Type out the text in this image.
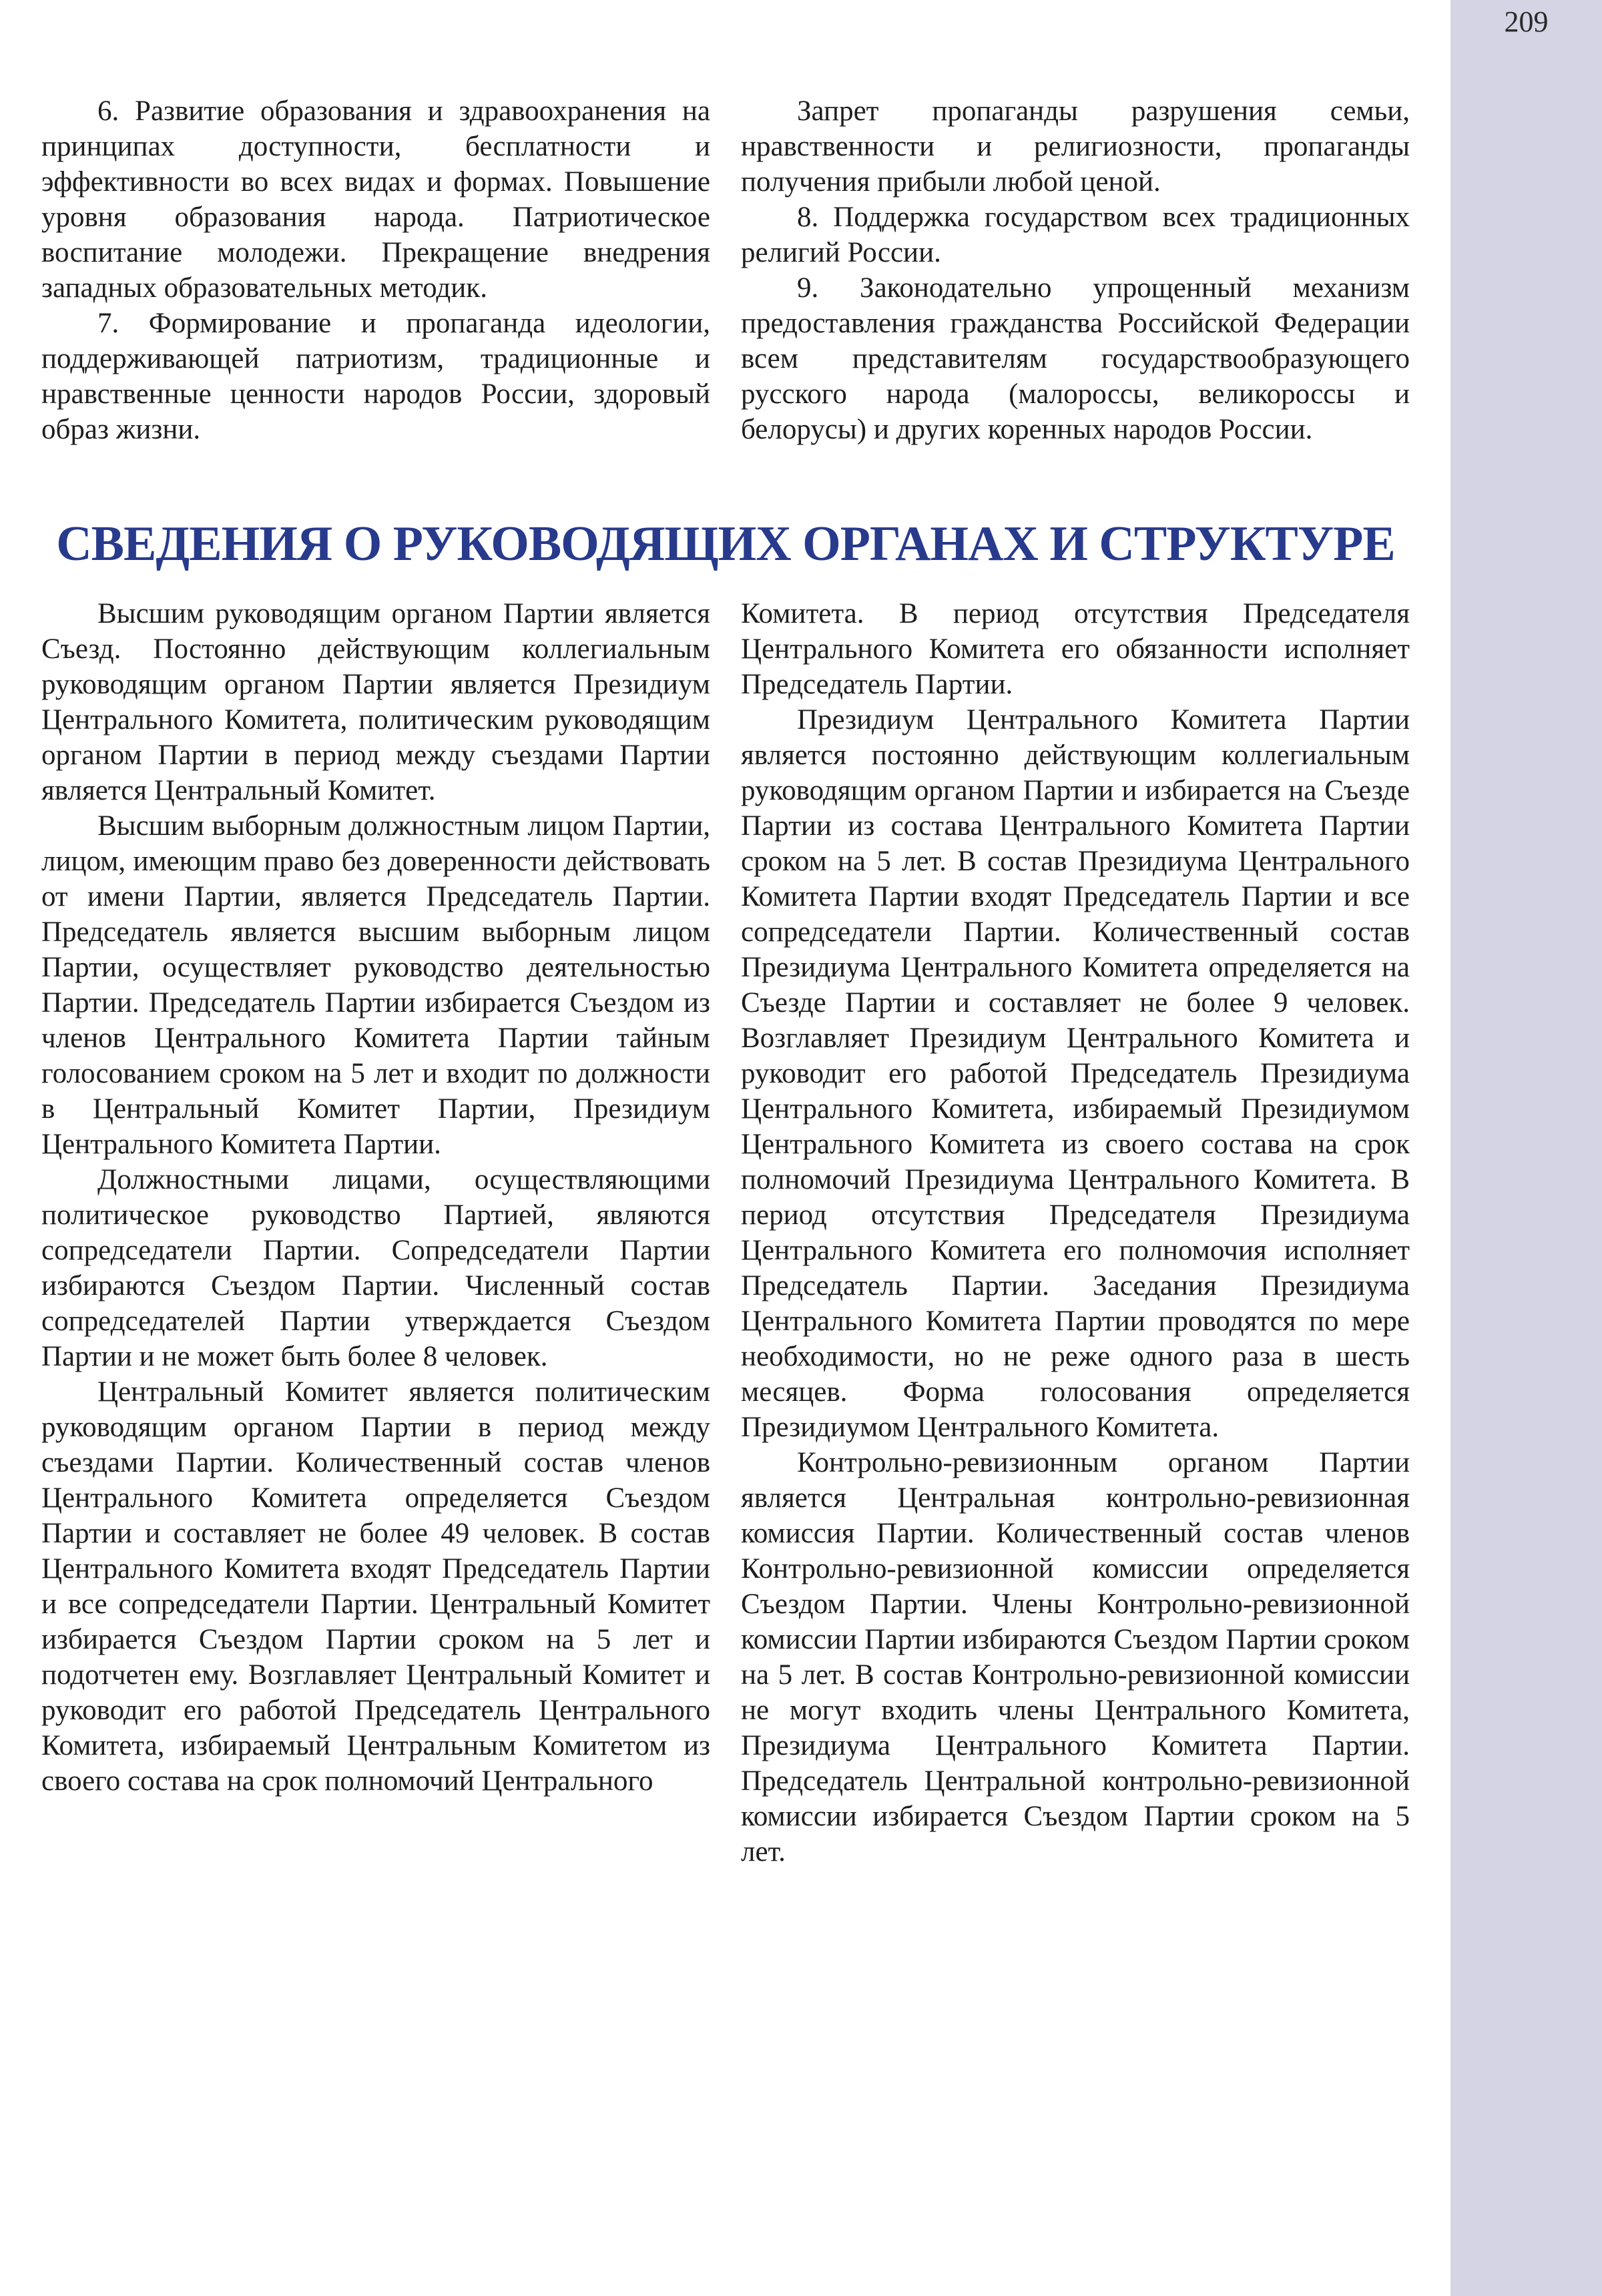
209

6. Развитие образования и здравоохранения на принципах доступности, бесплатности и эффективности во всех видах и формах. Повышение уровня образования народа. Патриотическое воспитание молодежи. Прекращение внедрения западных образовательных методик.

7. Формирование и пропаганда идеологии, поддерживающей патриотизм, традиционные и нравственные ценности народов России, здоровый образ жизни.

Запрет пропаганды разрушения семьи, нравственности и религиозности, пропаганды получения прибыли любой ценой.

8. Поддержка государством всех традиционных религий России.

9. Законодательно упрощенный механизм предоставления гражданства Российской Федерации всем представителям государствообразующего русского народа (малороссы, великороссы и белорусы) и других коренных народов России.

СВЕДЕНИЯ О РУКОВОДЯЩИХ ОРГАНАХ И СТРУКТУРЕ

Высшим руководящим органом Партии является Съезд. Постоянно действующим коллегиальным руководящим органом Партии является Президиум Центрального Комитета, политическим руководящим органом Партии в период между съездами Партии является Центральный Комитет.

Высшим выборным должностным лицом Партии, лицом, имеющим право без доверенности действовать от имени Партии, является Председатель Партии. Председатель является высшим выборным лицом Партии, осуществляет руководство деятельностью Партии. Председатель Партии избирается Съездом из членов Центрального Комитета Партии тайным голосованием сроком на 5 лет и входит по должности в Центральный Комитет Партии, Президиум Центрального Комитета Партии.

Должностными лицами, осуществляющими политическое руководство Партией, являются сопредседатели Партии. Сопредседатели Партии избираются Съездом Партии. Численный состав сопредседателей Партии утверждается Съездом Партии и не может быть более 8 человек.

Центральный Комитет является политическим руководящим органом Партии в период между съездами Партии. Количественный состав членов Центрального Комитета определяется Съездом Партии и составляет не более 49 человек. В состав Центрального Комитета входят Председатель Партии и все сопредседатели Партии. Центральный Комитет избирается Съездом Партии сроком на 5 лет и подотчетен ему. Возглавляет Центральный Комитет и руководит его работой Председатель Центрального Комитета, избираемый Центральным Комитетом из своего состава на срок полномочий Центрального

Комитета. В период отсутствия Председателя Центрального Комитета его обязанности исполняет Председатель Партии.

Президиум Центрального Комитета Партии является постоянно действующим коллегиальным руководящим органом Партии и избирается на Съезде Партии из состава Центрального Комитета Партии сроком на 5 лет. В состав Президиума Центрального Комитета Партии входят Председатель Партии и все сопредседатели Партии. Количественный состав Президиума Центрального Комитета определяется на Съезде Партии и составляет не более 9 человек. Возглавляет Президиум Центрального Комитета и руководит его работой Председатель Президиума Центрального Комитета, избираемый Президиумом Центрального Комитета из своего состава на срок полномочий Президиума Центрального Комитета. В период отсутствия Председателя Президиума Центрального Комитета его полномочия исполняет Председатель Партии. Заседания Президиума Центрального Комитета Партии проводятся по мере необходимости, но не реже одного раза в шесть месяцев. Форма голосования определяется Президиумом Центрального Комитета.

Контрольно-ревизионным органом Партии является Центральная контрольно-ревизионная комиссия Партии. Количественный состав членов Контрольно-ревизионной комиссии определяется Съездом Партии. Члены Контрольно-ревизионной комиссии Партии избираются Съездом Партии сроком на 5 лет. В состав Контрольно-ревизионной комиссии не могут входить члены Центрального Комитета, Президиума Центрального Комитета Партии. Председатель Центральной контрольно-ревизионной комиссии избирается Съездом Партии сроком на 5 лет.
